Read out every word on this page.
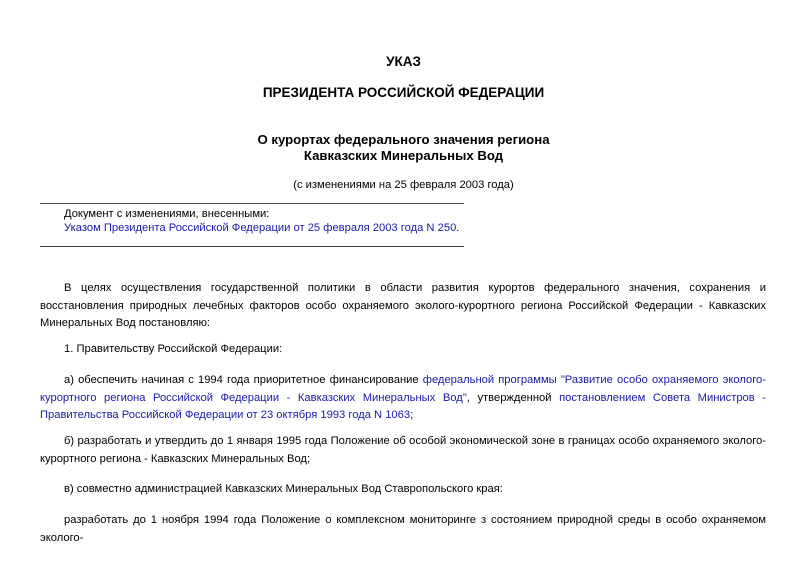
УКАЗ
ПРЕЗИДЕНТА РОССИЙСКОЙ ФЕДЕРАЦИИ
О курортах федерального значения региона
Кавказских Минеральных Вод
(с изменениями на 25 февраля 2003 года)
Документ с изменениями, внесенными:
Указом Президента Российской Федерации от 25 февраля 2003 года N 250.
В целях осуществления государственной политики в области развития курортов федерального значения, сохранения и восстановления природных лечебных факторов особо охраняемого эколого-курортного региона Российской Федерации - Кавказских Минеральных Вод постановляю:
1. Правительству Российской Федерации:
а) обеспечить начиная с 1994 года приоритетное финансирование федеральной программы "Развитие особо охраняемого эколого-курортного региона Российской Федерации - Кавказских Минеральных Вод", утвержденной постановлением Совета Министров - Правительства Российской Федерации от 23 октября 1993 года N 1063;
б) разработать и утвердить до 1 января 1995 года Положение об особой экономической зоне в границах особо охраняемого эколого-курортного региона - Кавказских Минеральных Вод;
в) совместно администрацией Кавказских Минеральных Вод Ставропольского края:
разработать до 1 ноября 1994 года Положение о комплексном мониторинге з состоянием природной среды в особо охраняемом эколого-
